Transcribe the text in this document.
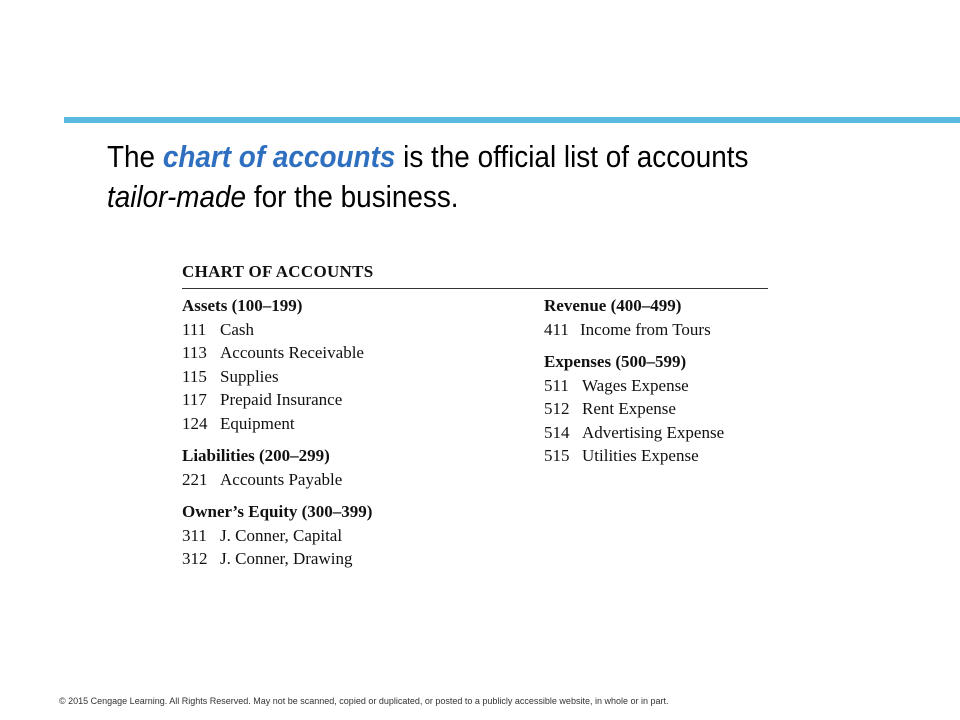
The chart of accounts is the official list of accounts
tailor-made for the business.

CHART OF ACCOUNTS
Assets (100–199)
111 Cash
113 Accounts Receivable
115 Supplies
117 Prepaid Insurance
124 Equipment
Liabilities (200–299)
221 Accounts Payable
Owner’s Equity (300–399)
311 J. Conner, Capital
312 J. Conner, Drawing
Revenue (400–499)
411 Income from Tours
Expenses (500–599)
511 Wages Expense
512 Rent Expense
514 Advertising Expense
515 Utilities Expense
© 2015 Cengage Learning. All Rights Reserved. May not be scanned, copied or duplicated, or posted to a publicly accessible website, in whole or in part.
